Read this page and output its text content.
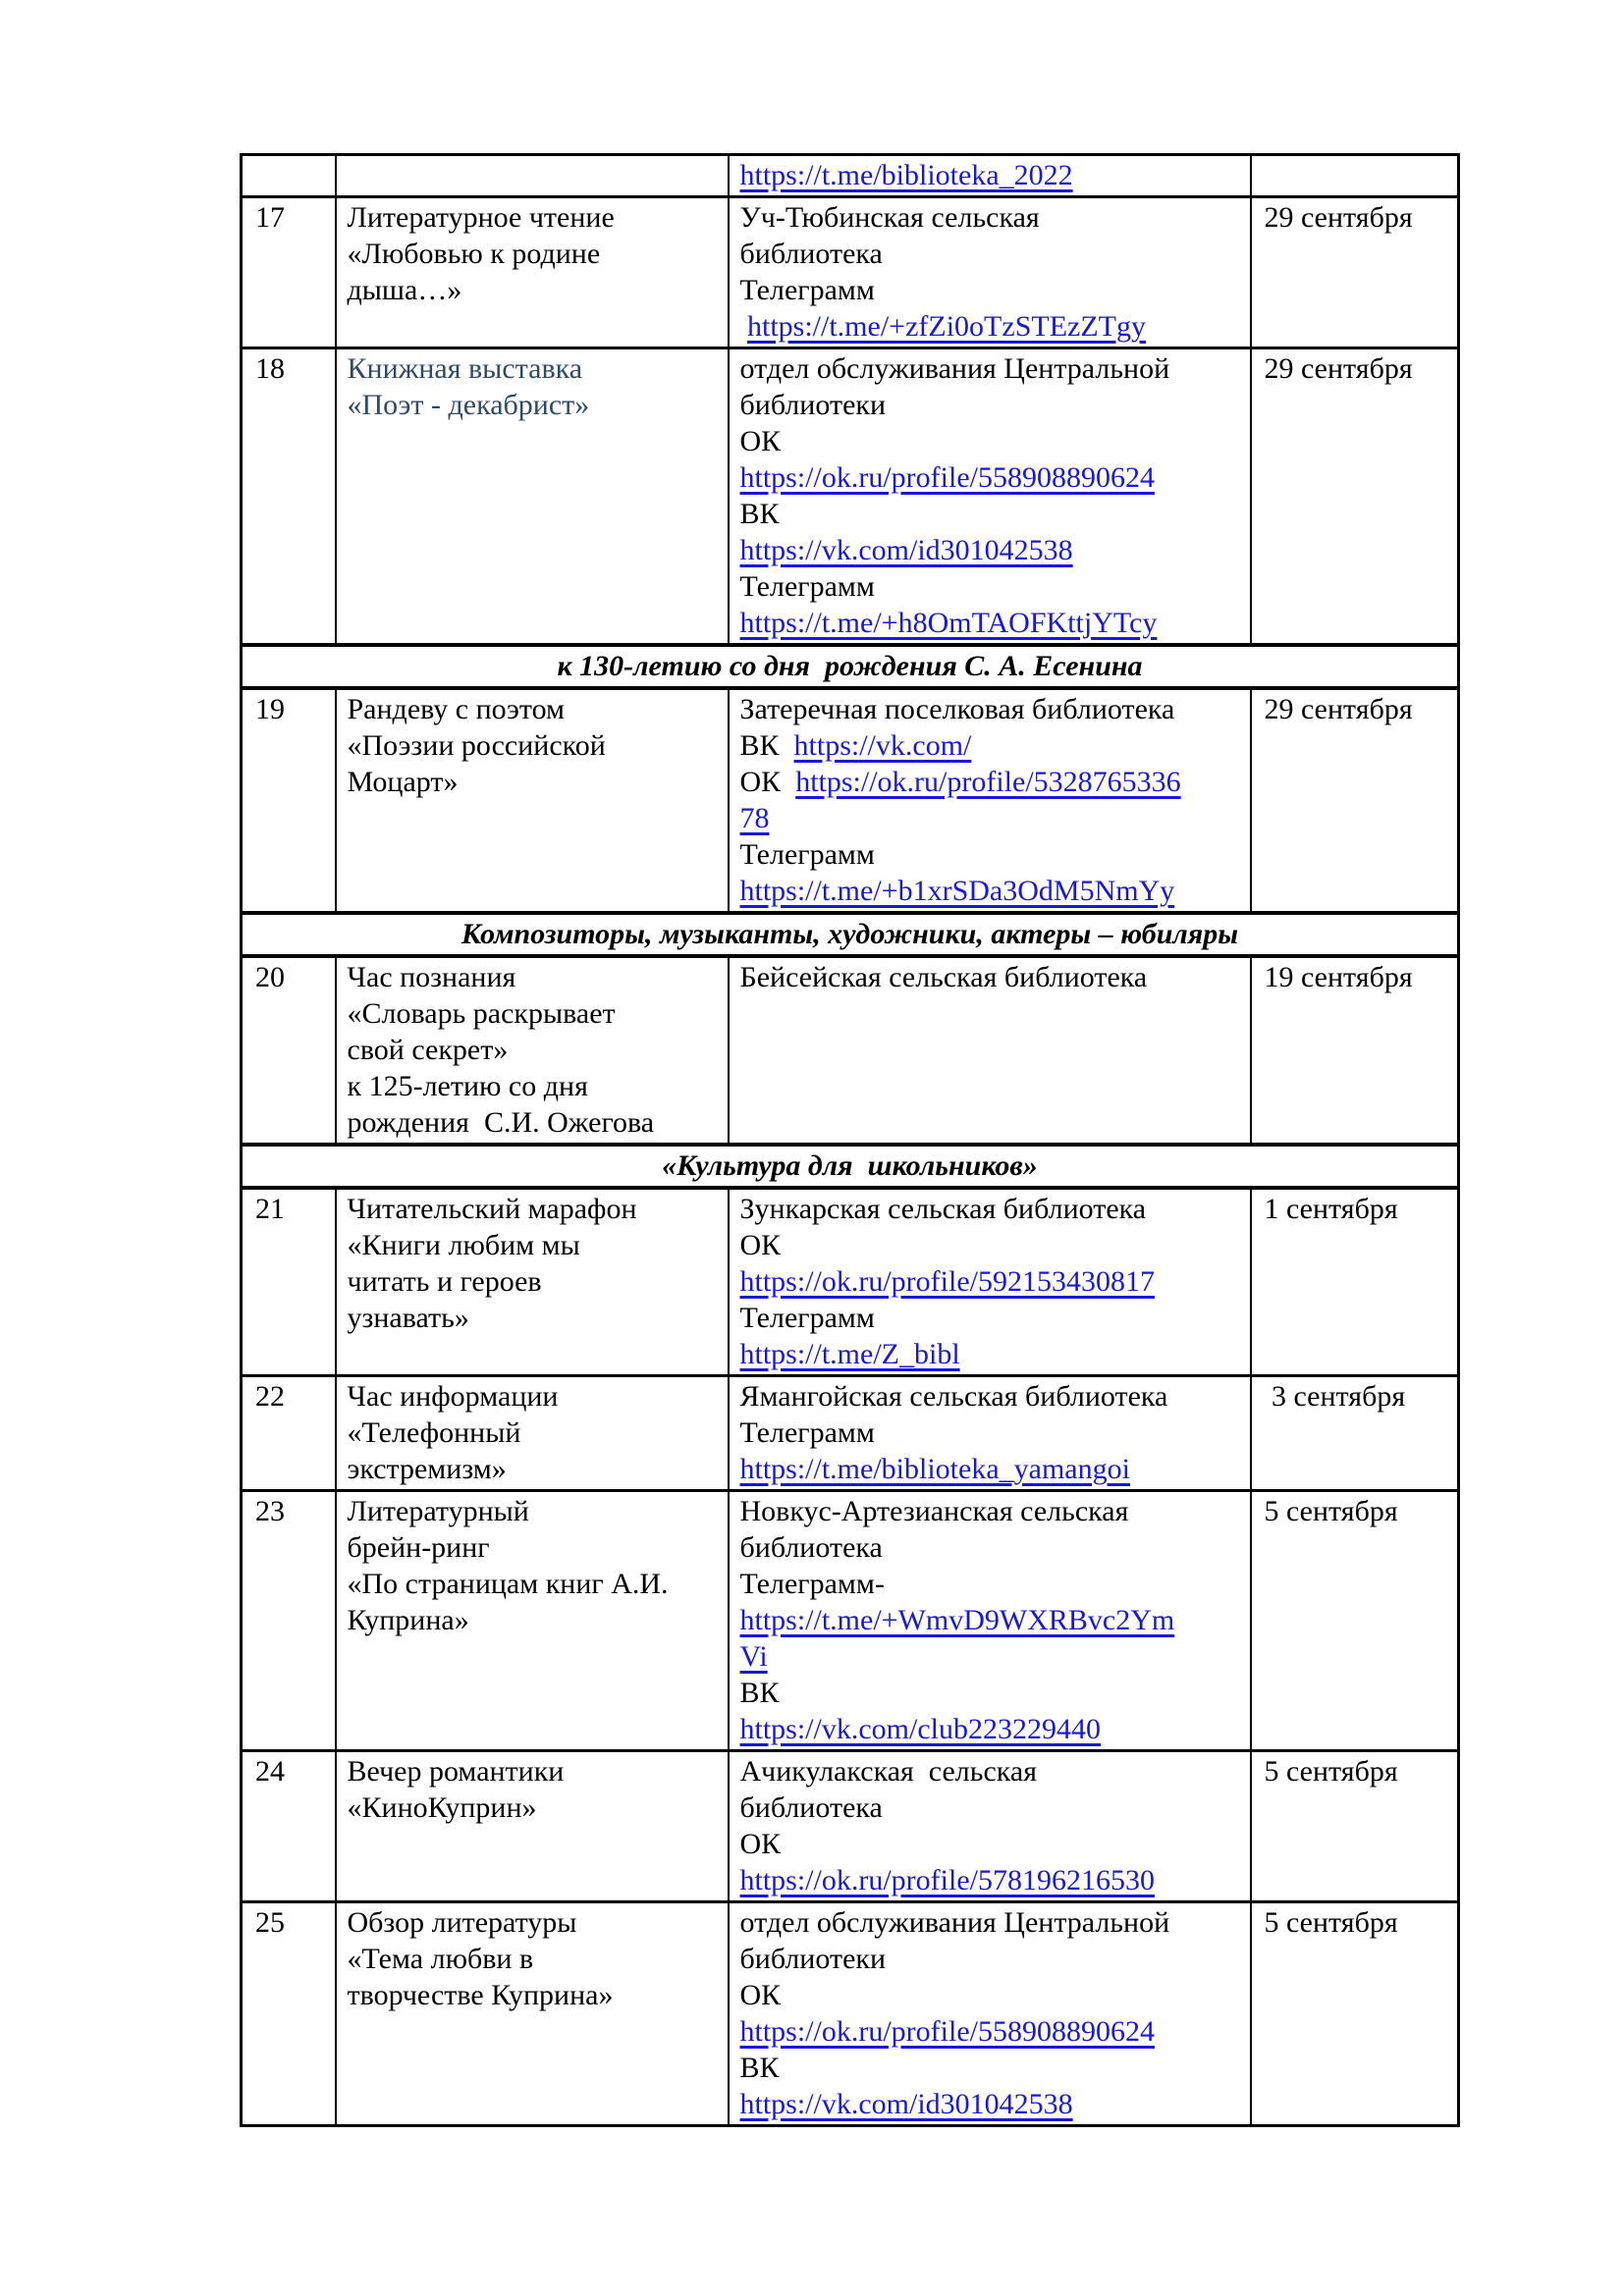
		https://t.me/biblioteka_2022	

17	Литературное чтение
«Любовью к родине
дыша…»

Уч-Тюбинская сельская
библиотека
Телеграмм
https://t.me/+zfZi0oTzSTEzZTgy
	29 сентября
18	Книжная выставка
«Поэт - декабрист»

отдел обслуживания Центральной
библиотеки
ОК
https://ok.ru/profile/558908890624
ВК
https://vk.com/id301042538
Телеграмм
https://t.me/+h8OmTAOFKttjYTcy
	29 сентября
к 130-летию со дня  рождения С. А. Есенина			
19	Рандеву с поэтом
«Поэзии российской
Моцарт»

Затеречная поселковая библиотека
ВК  https://vk.com/
ОК  https://ok.ru/profile/5328765336
78
Телеграмм
https://t.me/+b1xrSDa3OdM5NmYy
	29 сентября
Композиторы, музыканты, художники, актеры – юбиляры			
20	Час познания
«Словарь раскрывает
свой секрет»
к 125-летию со дня
рождения  С.И. Ожегова	Бейсейская сельская библиотека	19 сентября
«Культура для  школьников»			
21	Читательский марафон
«Книги любим мы
читать и героев
узнавать»

Зункарская сельская библиотека
ОК
https://ok.ru/profile/592153430817
Телеграмм
https://t.me/Z_bibl
	1 сентября
22	Час информации
«Телефонный
экстремизм»

Ямангойская сельская библиотека
Телеграмм
https://t.me/biblioteka_yamangoi
	3 сентября
23	Литературный
брейн-ринг
«По страницам книг А.И.
Куприна»

Новкус-Артезианская сельская
библиотека
Телеграмм-
https://t.me/+WmvD9WXRBvc2Ym
Vi
ВК
https://vk.com/club223229440
	5 сентября
24	Вечер романтики
«КиноКуприн»

Ачикулакская  сельская
библиотека
ОК
https://ok.ru/profile/578196216530
	5 сентября
25	Обзор литературы
«Тема любви в
творчестве Куприна»

отдел обслуживания Центральной
библиотеки
ОК
https://ok.ru/profile/558908890624
ВК
https://vk.com/id301042538
	5 сентября
